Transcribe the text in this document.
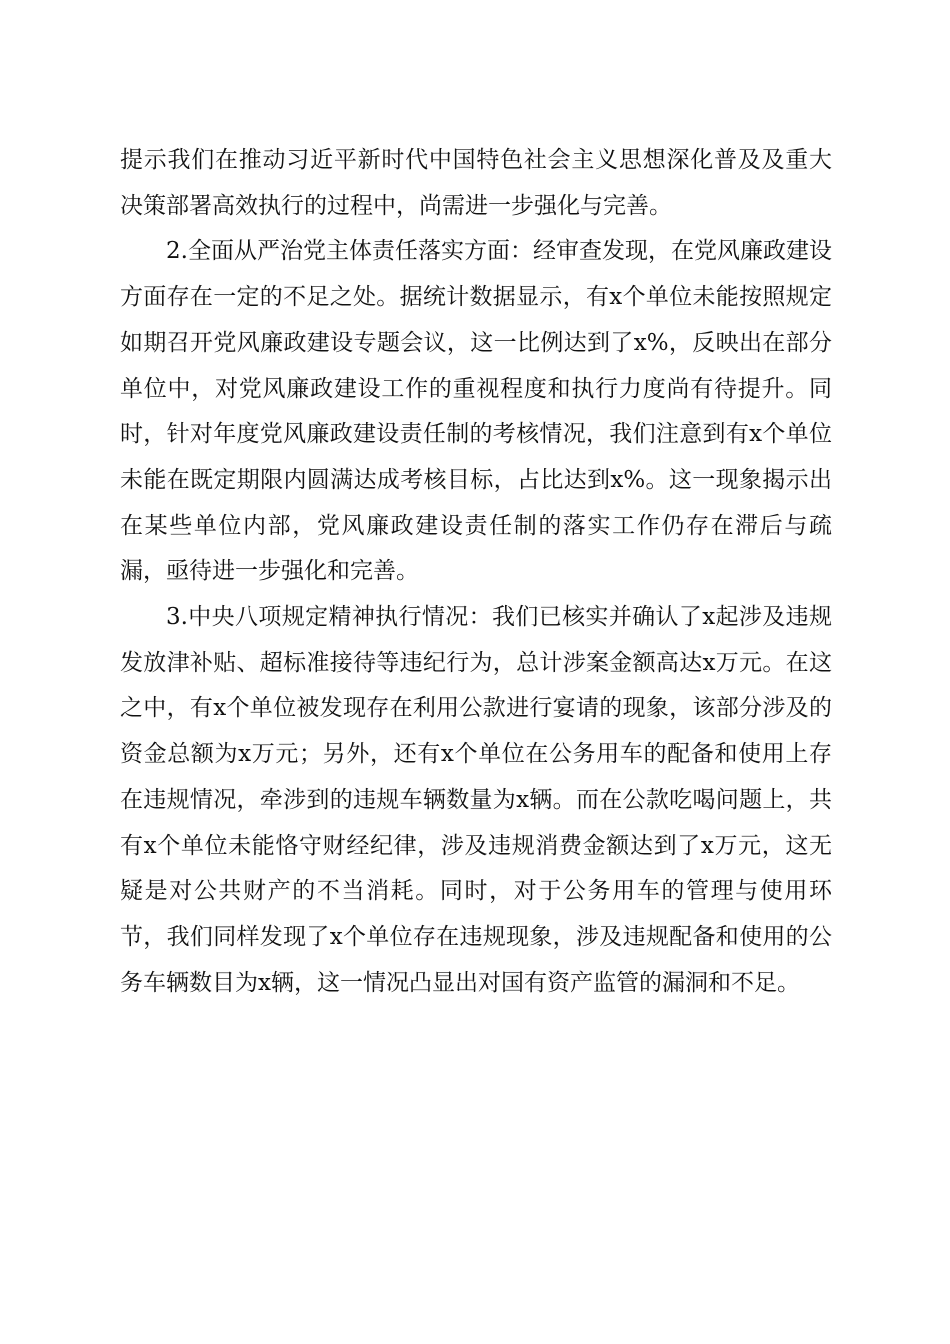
提示我们在推动习近平新时代中国特色社会主义思想深化普及及重大决策部署高效执行的过程中，尚需进一步强化与完善。

2.全面从严治党主体责任落实方面：经审查发现，在党风廉政建设方面存在一定的不足之处。据统计数据显示，有x个单位未能按照规定如期召开党风廉政建设专题会议，这一比例达到了x%，反映出在部分单位中，对党风廉政建设工作的重视程度和执行力度尚有待提升。同时，针对年度党风廉政建设责任制的考核情况，我们注意到有x个单位未能在既定期限内圆满达成考核目标，占比达到x%。这一现象揭示出在某些单位内部，党风廉政建设责任制的落实工作仍存在滞后与疏漏，亟待进一步强化和完善。

3.中央八项规定精神执行情况：我们已核实并确认了x起涉及违规发放津补贴、超标准接待等违纪行为，总计涉案金额高达x万元。在这之中，有x个单位被发现存在利用公款进行宴请的现象，该部分涉及的资金总额为x万元；另外，还有x个单位在公务用车的配备和使用上存在违规情况，牵涉到的违规车辆数量为x辆。而在公款吃喝问题上，共有x个单位未能恪守财经纪律，涉及违规消费金额达到了x万元，这无疑是对公共财产的不当消耗。同时，对于公务用车的管理与使用环节，我们同样发现了x个单位存在违规现象，涉及违规配备和使用的公务车辆数目为x辆，这一情况凸显出对国有资产监管的漏洞和不足。
